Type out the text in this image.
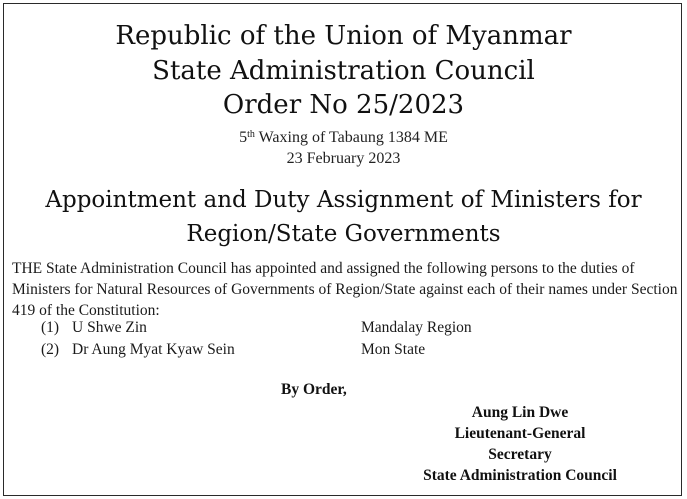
Republic of the Union of Myanmar
State Administration Council
Order No 25/2023
5th Waxing of Tabaung 1384 ME
23 February 2023
Appointment and Duty Assignment of Ministers for
Region/State Governments
THE State Administration Council has appointed and assigned the following persons to the duties of Ministers for Natural Resources of Governments of Region/State against each of their names under Section 419 of the Constitution:
(1) U Shwe Zin	Mandalay Region
(2) Dr Aung Myat Kyaw Sein	Mon State
By Order,
Aung Lin Dwe
Lieutenant-General
Secretary
State Administration Council
